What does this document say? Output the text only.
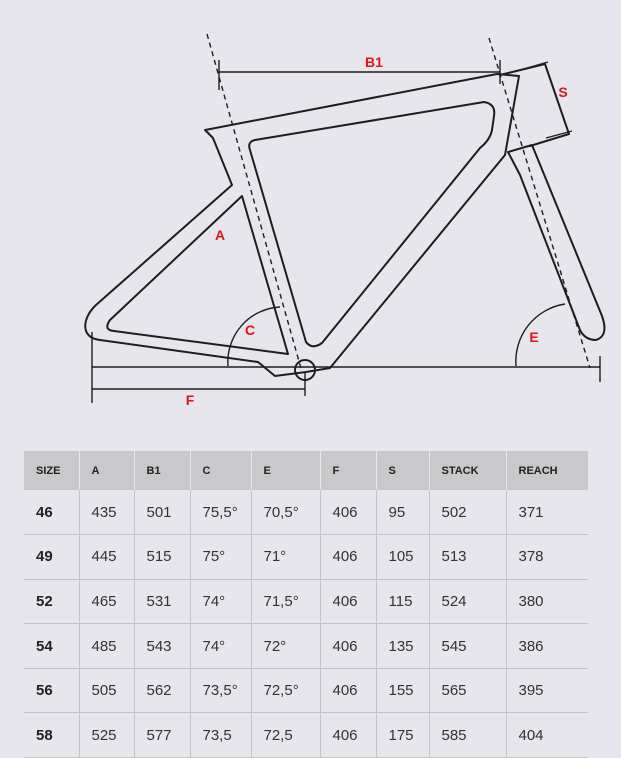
B1
S
A
C	E
F
SIZE	A	B1	C	E	F	S	STACK	REACH
46	435	501	75,5°	70,5°	406	95	502	371
49	445	515	75°	71°	406	105	513	378
52	465	531	74°	71,5°	406	115	524	380
54	485	543	74°	72°	406	135	545	386
56	505	562	73,5°	72,5°	406	155	565	395
58	525	577	73,5	72,5	406	175	585	404
